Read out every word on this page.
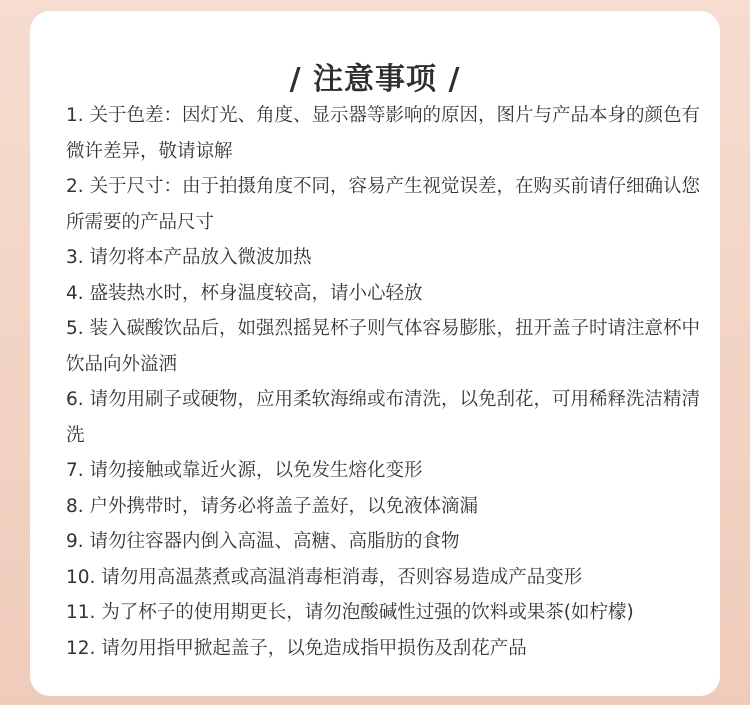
/ 注意事项 /
1. 关于色差：因灯光、角度、显示器等影响的原因，图片与产品本身的颜色有微许差异，敬请谅解
2. 关于尺寸：由于拍摄角度不同，容易产生视觉误差，在购买前请仔细确认您所需要的产品尺寸
3. 请勿将本产品放入微波加热
4. 盛装热水时，杯身温度较高，请小心轻放
5. 装入碳酸饮品后，如强烈摇晃杯子则气体容易膨胀，扭开盖子时请注意杯中饮品向外溢洒
6. 请勿用刷子或硬物，应用柔软海绵或布清洗，以免刮花，可用稀释洗洁精清洗
7. 请勿接触或靠近火源，以免发生熔化变形
8. 户外携带时，请务必将盖子盖好，以免液体滴漏
9. 请勿往容器内倒入高温、高糖、高脂肪的食物
10. 请勿用高温蒸煮或高温消毒柜消毒，否则容易造成产品变形
11. 为了杯子的使用期更长，请勿泡酸碱性过强的饮料或果茶(如柠檬)
12. 请勿用指甲掀起盖子，以免造成指甲损伤及刮花产品
